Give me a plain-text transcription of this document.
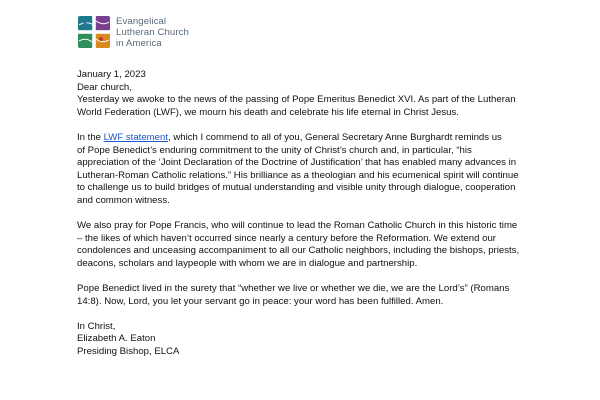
Evangelical
Lutheran Church
in America

January 1, 2023

Dear church,

Yesterday we awoke to the news of the passing of Pope Emeritus Benedict XVI. As part of the Lutheran

World Federation (LWF), we mourn his death and celebrate his life eternal in Christ Jesus.

In the LWF statement, which I commend to all of you, General Secretary Anne Burghardt reminds us

of Pope Benedict’s enduring commitment to the unity of Christ’s church and, in particular, “his

appreciation of the ‘Joint Declaration of the Doctrine of Justification’ that has enabled many advances in

Lutheran-Roman Catholic relations.” His brilliance as a theologian and his ecumenical spirit will continue

to challenge us to build bridges of mutual understanding and visible unity through dialogue, cooperation

and common witness.

We also pray for Pope Francis, who will continue to lead the Roman Catholic Church in this historic time

– the likes of which haven’t occurred since nearly a century before the Reformation. We extend our

condolences and unceasing accompaniment to all our Catholic neighbors, including the bishops, priests,

deacons, scholars and laypeople with whom we are in dialogue and partnership.

Pope Benedict lived in the surety that “whether we live or whether we die, we are the Lord’s” (Romans

14:8). Now, Lord, you let your servant go in peace: your word has been fulfilled. Amen.

In Christ,

Elizabeth A. Eaton

Presiding Bishop, ELCA
